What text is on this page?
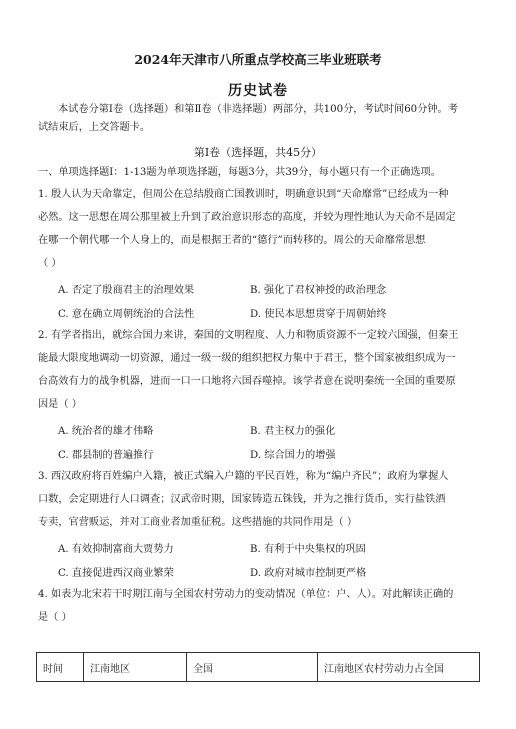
2024年天津市八所重点学校高三毕业班联考
历史试卷
本试卷分第Ⅰ卷（选择题）和第Ⅱ卷（非选择题）两部分，共100分，考试时间60分钟。考
试结束后，上交答题卡。
第Ⅰ卷（选择题，共45分）
一、单项选择题Ⅰ：1-13题为单项选择题，每题3分，共39分，每小题只有一个正确选项。
1. 殷人认为天命靠定，但周公在总结殷商亡国教训时，明确意识到“天命靡常”已经成为一种
必然。这一思想在周公那里被上升到了政治意识形态的高度，并较为理性地认为天命不是固定
在哪一个朝代哪一个人身上的，而是根据王者的“德行”而转移的。周公的天命靡常思想
（ ）
A. 否定了殷商君主的治理效果	B. 强化了君权神授的政治理念
C. 意在确立周朝统治的合法性	D. 使民本思想贯穿于周朝始终
2. 有学者指出，就综合国力来讲，秦国的文明程度、人力和物质资源不一定较六国强，但秦王
能最大限度地调动一切资源，通过一级一级的组织把权力集中于君王，整个国家被组织成为一
台高效有力的战争机器，进而一口一口地将六国吞噬掉。该学者意在说明秦统一全国的重要原
因是（ ）
A. 统治者的雄才伟略	B. 君主权力的强化
C. 郡县制的普遍推行	D. 综合国力的增强
3. 西汉政府将百姓编户入籍，被正式编入户籍的平民百姓，称为“编户齐民”；政府为掌握人
口数，会定期进行人口调查；汉武帝时期，国家铸造五铢钱，并为之推行货币，实行盐铁酒
专卖，官营贩运，并对工商业者加重征税。这些措施的共同作用是（ ）
A. 有效抑制富商大贾势力	B. 有利于中央集权的巩固
C. 直接促进西汉商业繁荣	D. 政府对城市控制更严格
4. 如表为北宋若干时期江南与全国农村劳动力的变动情况（单位：户、人）。对此解读正确的
是（ ）
时间	江南地区	全国	江南地区农村劳动力占全国
